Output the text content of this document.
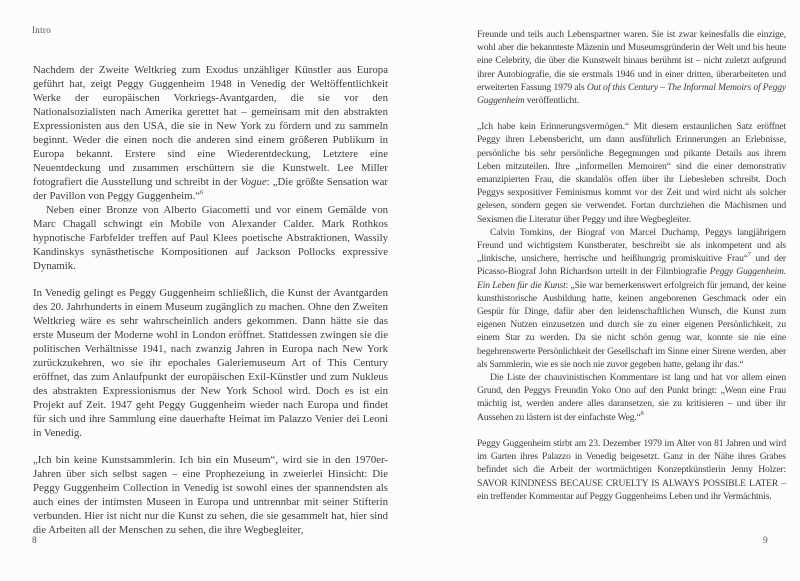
Intro

Nachdem der Zweite Weltkrieg zum Exodus unzähliger Künstler aus Europa geführt hat, zeigt Peggy Guggenheim 1948 in Venedig der Weltöffentlichkeit Werke der europäischen Vorkriegs-Avantgarden, die sie vor den Nationalsozialisten nach Amerika gerettet hat – gemeinsam mit den abstrakten Expressionisten aus den USA, die sie in New York zu fördern und zu sammeln beginnt. Weder die einen noch die anderen sind einem größeren Publikum in Europa bekannt. Erstere sind eine Wiederentdeckung, Letztere eine Neuentdeckung und zusammen erschüttern sie die Kunstwelt. Lee Miller fotografiert die Ausstellung und schreibt in der Vogue: „Die größte Sensation war der Pavillon von Peggy Guggenheim.“$^6$

Neben einer Bronze von Alberto Giacometti und vor einem Gemälde von Marc Chagall schwingt ein Mobile von Alexander Calder. Mark Rothkos hypnotische Farbfelder treffen auf Paul Klees poetische Abstraktionen, Wassily Kandinskys synästhetische Kompositionen auf Jackson Pollocks expressive Dynamik.

In Venedig gelingt es Peggy Guggenheim schließlich, die Kunst der Avantgarden des 20. Jahrhunderts in einem Museum zugänglich zu machen. Ohne den Zweiten Weltkrieg wäre es sehr wahrscheinlich anders gekommen. Dann hätte sie das erste Museum der Moderne wohl in London eröffnet. Stattdessen zwingen sie die politischen Verhältnisse 1941, nach zwanzig Jahren in Europa nach New York zurückzukehren, wo sie ihr epochales Galeriemuseum Art of This Century eröffnet, das zum Anlaufpunkt der europäischen Exil-Künstler und zum Nukleus des abstrakten Expressionismus der New York School wird. Doch es ist ein Projekt auf Zeit. 1947 geht Peggy Guggenheim wieder nach Europa und findet für sich und ihre Sammlung eine dauerhafte Heimat im Palazzo Venier dei Leoni in Venedig.

„Ich bin keine Kunstsammlerin. Ich bin ein Museum“, wird sie in den 1970er-Jahren über sich selbst sagen – eine Prophezeiung in zweierlei Hinsicht: Die Peggy Guggenheim Collection in Venedig ist sowohl eines der spannendsten als auch eines der intimsten Museen in Europa und untrennbar mit seiner Stifterin verbunden. Hier ist nicht nur die Kunst zu sehen, die sie gesammelt hat, hier sind die Arbeiten all der Menschen zu sehen, die ihre Wegbegleiter,

8

Freunde und teils auch Lebenspartner waren. Sie ist zwar keinesfalls die einzige, wohl aber die bekannteste Mäzenin und Museumsgründerin der Welt und bis heute eine Celebrity, die über die Kunstwelt hinaus berühmt ist – nicht zuletzt aufgrund ihrer Autobiografie, die sie erstmals 1946 und in einer dritten, überarbeiteten und erweiterten Fassung 1979 als Out of this Century – The Informal Memoirs of Peggy Guggenheim veröffentlicht.

„Ich habe kein Erinnerungsvermögen.“ Mit diesem erstaunlichen Satz eröffnet Peggy ihren Lebensbericht, um dann ausführlich Erinnerungen an Erlebnisse, persönliche bis sehr persönliche Begegnungen und pikante Details aus ihrem Leben mitzuteilen. Ihre „informellen Memoiren“ sind die einer demonstrativ emanzipierten Frau, die skandalös offen über ihr Liebesleben schreibt. Doch Peggys sexpositiver Feminismus kommt vor der Zeit und wird nicht als solcher gelesen, sondern gegen sie verwendet. Fortan durchziehen die Machismen und Sexismen die Literatur über Peggy und ihre Wegbegleiter.

Calvin Tomkins, der Biograf von Marcel Duchamp, Peggys langjährigem Freund und wichtigstem Kunstberater, beschreibt sie als inkompetent und als „linkische, unsichere, herrische und heißhungrig promiskuitive Frau“$^7$ und der Picasso-Biograf John Richardson urteilt in der Filmbiografie Peggy Guggenheim. Ein Leben für die Kunst: „Sie war bemerkenswert erfolgreich für jemand, der keine kunsthistorische Ausbildung hatte, keinen angeborenen Geschmack oder ein Gespür für Dinge, dafür aber den leidenschaftlichen Wunsch, die Kunst zum eigenen Nutzen einzusetzen und durch sie zu einer eigenen Persönlichkeit, zu einem Star zu werden. Da sie nicht schön genug war, konnte sie nie eine begehrenswerte Persönlichkeit der Gesellschaft im Sinne einer Sirene werden, aber als Sammlerin, wie es sie noch nie zuvor gegeben hatte, gelang ihr das.“

Die Liste der chauvinistischen Kommentare ist lang und hat vor allem einen Grund, den Peggys Freundin Yoko Ono auf den Punkt bringt: „Wenn eine Frau mächtig ist, werden andere alles daransetzen, sie zu kritisieren – und über ihr Aussehen zu lästern ist der einfachste Weg.“$^8$

Peggy Guggenheim stirbt am 23. Dezember 1979 im Alter von 81 Jahren und wird im Garten ihres Palazzo in Venedig beigesetzt. Ganz in der Nähe ihres Grabes befindet sich die Arbeit der wortmächtigen Konzeptkünstlerin Jenny Holzer: SAVOR KINDNESS BECAUSE CRUELTY IS ALWAYS POSSIBLE LATER – ein treffender Kommentar auf Peggy Guggenheims Leben und ihr Vermächtnis.

9
